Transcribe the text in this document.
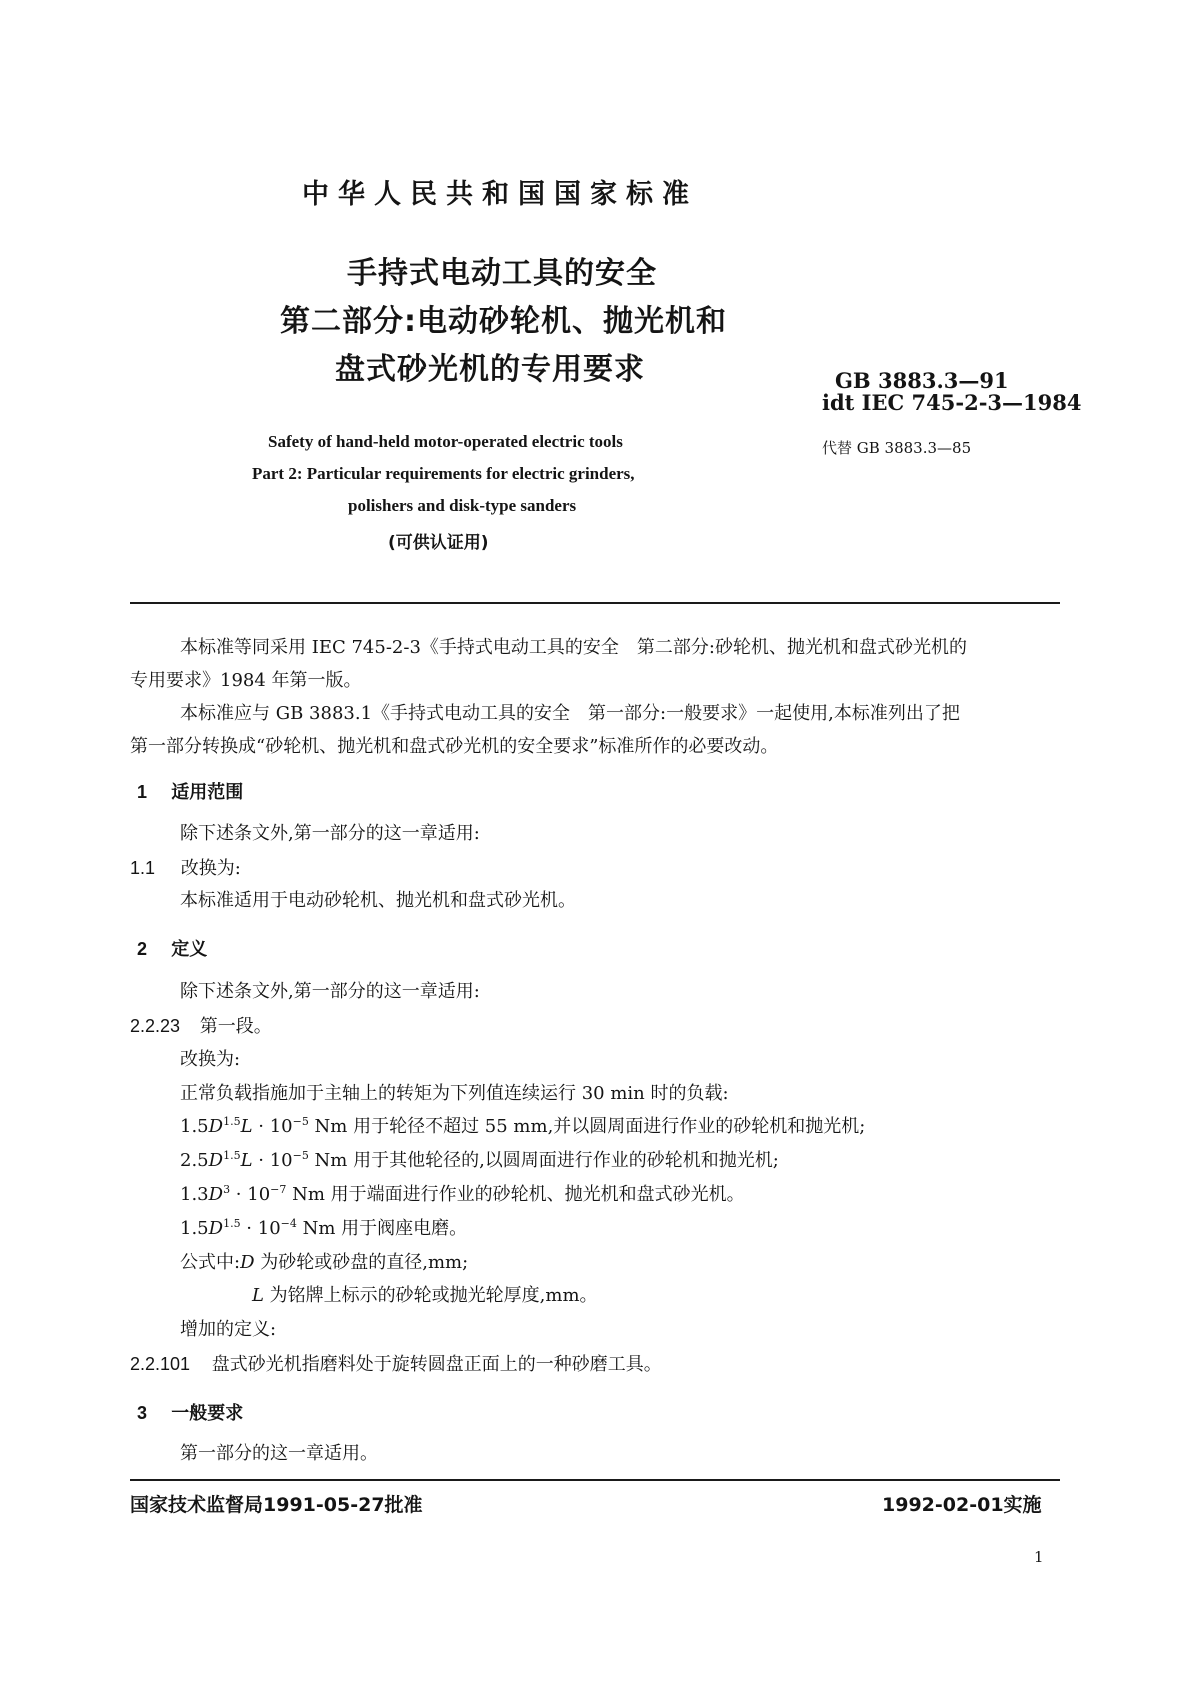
中华人民共和国国家标准
手持式电动工具的安全
第二部分:电动砂轮机、抛光机和
盘式砂光机的专用要求	GB 3883.3—91
idt IEC 745-2-3—1984
代替 GB 3883.3—85
Safety of hand-held motor-operated electric tools
Part 2: Particular requirements for electric grinders,
polishers and disk-type sanders
(可供认证用)
本标准等同采用 IEC 745-2-3《手持式电动工具的安全　第二部分:砂轮机、抛光机和盘式砂光机的
专用要求》1984 年第一版。
本标准应与 GB 3883.1《手持式电动工具的安全　第一部分:一般要求》一起使用,本标准列出了把
第一部分转换成“砂轮机、抛光机和盘式砂光机的安全要求”标准所作的必要改动。
1 适用范围
除下述条文外,第一部分的这一章适用:
1.1 改换为:
本标准适用于电动砂轮机、抛光机和盘式砂光机。
2 定义
除下述条文外,第一部分的这一章适用:
2.2.23 第一段。
改换为:
正常负载指施加于主轴上的转矩为下列值连续运行 30 min 时的负载:
$1.5D^{1.5}L \cdot 10^{-5}$ Nm 用于轮径不超过 55 mm,并以圆周面进行作业的砂轮机和抛光机;
$2.5D^{1.5}L \cdot 10^{-5}$ Nm 用于其他轮径的,以圆周面进行作业的砂轮机和抛光机;
$1.3D^3 \cdot 10^{-7}$ Nm 用于端面进行作业的砂轮机、抛光机和盘式砂光机。
$1.5D^{1.5} \cdot 10^{-4}$ Nm 用于阀座电磨。
公式中:D 为砂轮或砂盘的直径,mm;
L 为铭牌上标示的砂轮或抛光轮厚度,mm。
增加的定义:
2.2.101 盘式砂光机指磨料处于旋转圆盘正面上的一种砂磨工具。
3 一般要求
第一部分的这一章适用。
国家技术监督局1991-05-27批准	1992-02-01实施
1
